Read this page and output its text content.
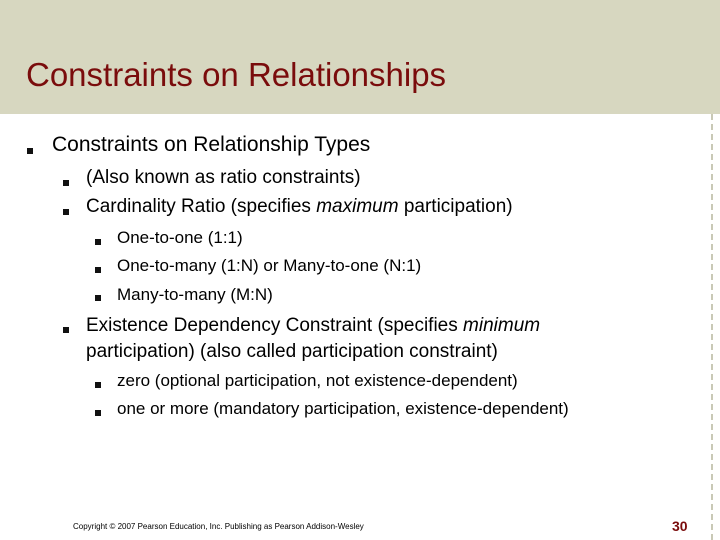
Constraints on Relationships
Constraints on Relationship Types
(Also known as ratio constraints)
Cardinality Ratio (specifies maximum participation)
One-to-one (1:1)
One-to-many (1:N) or Many-to-one (N:1)
Many-to-many (M:N)
Existence Dependency Constraint (specifies minimum
participation) (also called participation constraint)
zero (optional participation, not existence-dependent)
one or more (mandatory participation, existence-dependent)
Copyright © 2007 Pearson Education, Inc. Publishing as Pearson Addison-Wesley	30
